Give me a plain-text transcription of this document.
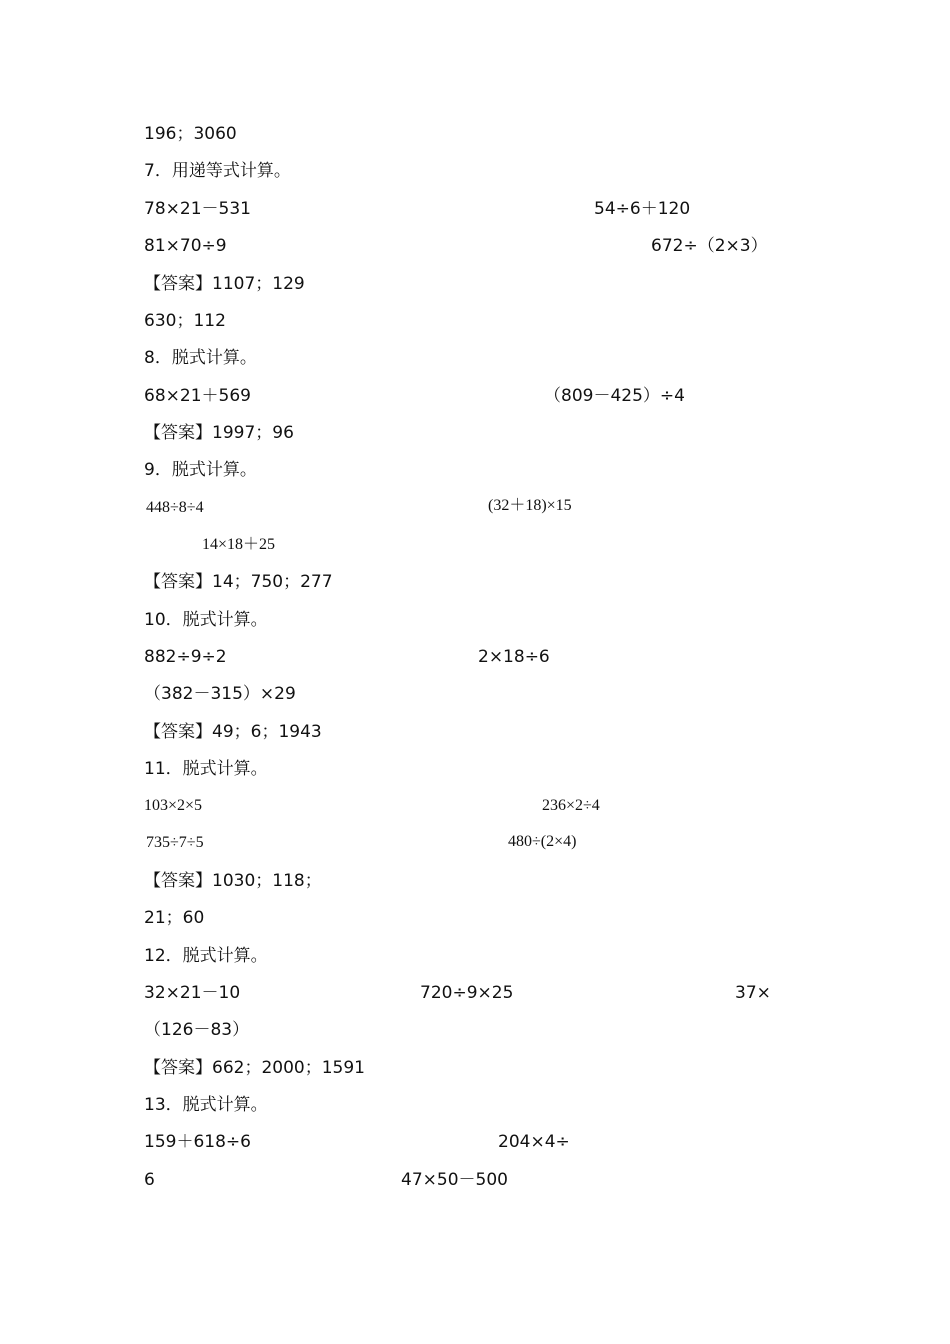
196；3060
7．用递等式计算。
78×21－531	54÷6＋120
81×70÷9	672÷（2×3）
【答案】1107；129
630；112
8．脱式计算。
68×21＋569	（809－425）÷4
【答案】1997；96
9．脱式计算。
448÷8÷4	(32＋18)×15
14×18＋25
【答案】14；750；277
10．脱式计算。
882÷9÷2	2×18÷6
（382－315）×29
【答案】49；6；1943
11．脱式计算。
103×2×5	236×2÷4
735÷7÷5	480÷(2×4)
【答案】1030；118；
21；60
12．脱式计算。
32×21－10	720÷9×25	37×
（126－83）
【答案】662；2000；1591
13．脱式计算。
159＋618÷6	204×4÷
6	47×50－500
